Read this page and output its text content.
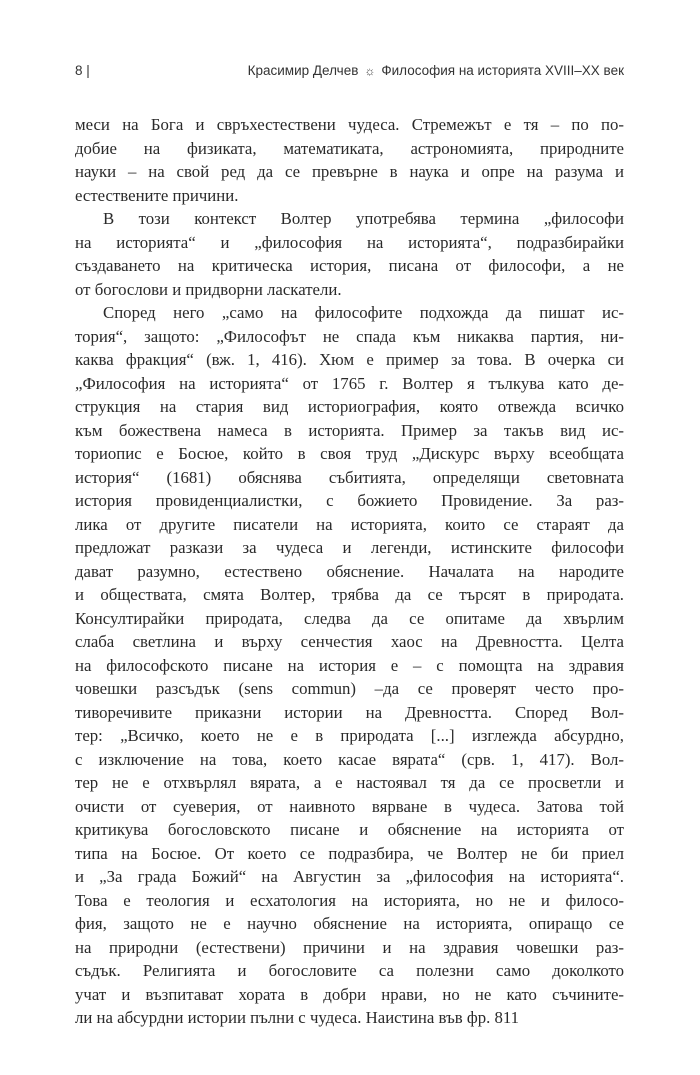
8 |	Красимир Делчев ☼ Философия на историята XVIII–XX век
меси на Бога и свръхестествени чудеса. Стремежът е тя – по по-
добие на физиката, математиката, астрономията, природните
науки – на свой ред да се превърне в наука и опре на разума и
естествените причини.
В този контекст Волтер употребява термина „философи
на историята“ и „философия на историята“, подразбирайки
създаването на критическа история, писана от философи, а не
от богослови и придворни ласкатели.
Според него „само на философите подхожда да пишат ис-
тория“, защото: „Философът не спада към никаква партия, ни-
каква фракция“ (вж. 1, 416). Хюм е пример за това. В очерка си
„Философия на историята“ от 1765 г. Волтер я тълкува като де-
струкция на стария вид историография, която отвежда всичко
към божествена намеса в историята. Пример за такъв вид ис-
ториопис е Босюе, който в своя труд „Дискурс върху всеобщата
история“ (1681) обяснява събитията, определящи световната
история провиденциалистки, с божието Провидение. За раз-
лика от другите писатели на историята, които се стараят да
предложат разкази за чудеса и легенди, истинските философи
дават разумно, естествено обяснение. Началата на народите
и обществата, смята Волтер, трябва да се търсят в природата.
Консултирайки природата, следва да се опитаме да хвърлим
слаба светлина и върху сенчестия хаос на Древността. Целта
на философското писане на история е – с помощта на здравия
човешки разсъдък (sens commun) –да се проверят често про-
тиворечивите приказни истории на Древността. Според Вол-
тер: „Всичко, което не е в природата [...] изглежда абсурдно,
с изключение на това, което касае вярата“ (срв. 1, 417). Вол-
тер не е отхвърлял вярата, а е настоявал тя да се просветли и
очисти от суеверия, от наивното вярване в чудеса. Затова той
критикува богословското писане и обяснение на историята от
типа на Босюе. От което се подразбира, че Волтер не би приел
и „За града Божий“ на Августин за „философия на историята“.
Това е теология и есхатология на историята, но не и филосо-
фия, защото не е научно обяснение на историята, опиращо се
на природни (естествени) причини и на здравия човешки раз-
съдък. Религията и богословите са полезни само доколкото
учат и възпитават хората в добри нрави, но не като съчините-
ли на абсурдни истории пълни с чудеса. Наистина във фр. 811
